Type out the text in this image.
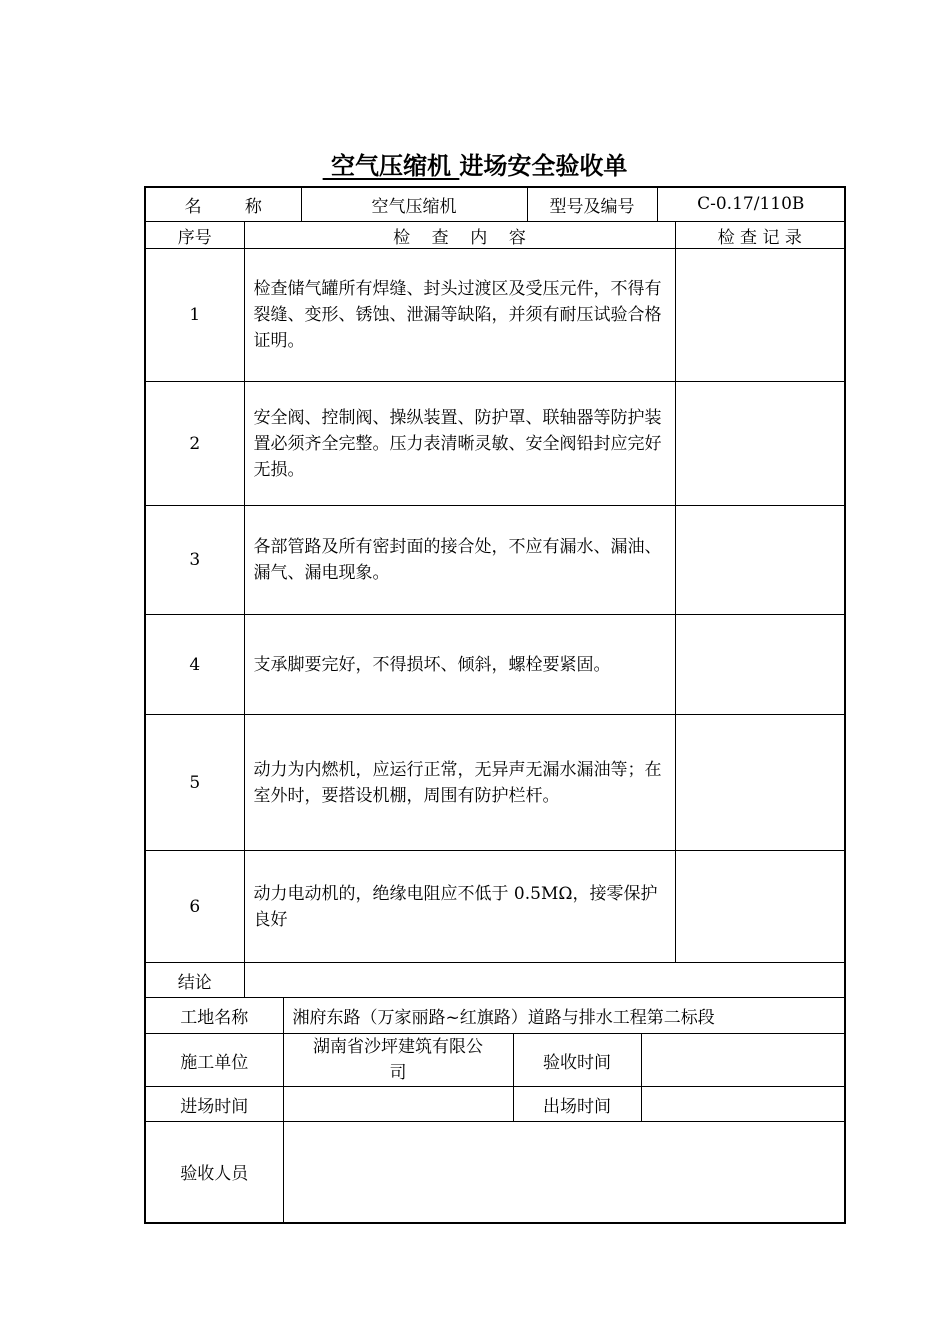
空气压缩机 进场安全验收单
名        称	空气压缩机	型号及编号	C-0.17/110B
序号	检    查    内    容	检 查 记 录
1	检查储气罐所有焊缝、封头过渡区及受压元件，不得有裂缝、变形、锈蚀、泄漏等缺陷，并须有耐压试验合格证明。	
2	安全阀、控制阀、操纵装置、防护罩、联轴器等防护装置必须齐全完整。压力表清晰灵敏、安全阀铅封应完好无损。	
3	各部管路及所有密封面的接合处，不应有漏水、漏油、漏气、漏电现象。	
4	支承脚要完好，不得损坏、倾斜，螺栓要紧固。	
5	动力为内燃机，应运行正常，无异声无漏水漏油等；在室外时，要搭设机棚，周围有防护栏杆。	
6	动力电动机的，绝缘电阻应不低于 0.5MΩ，接零保护良好	
结论		
工地名称	湘府东路（万家丽路~红旗路）道路与排水工程第二标段		
施工单位	湖南省沙坪建筑有限公司	验收时间	
进场时间		出场时间	
验收人员			
